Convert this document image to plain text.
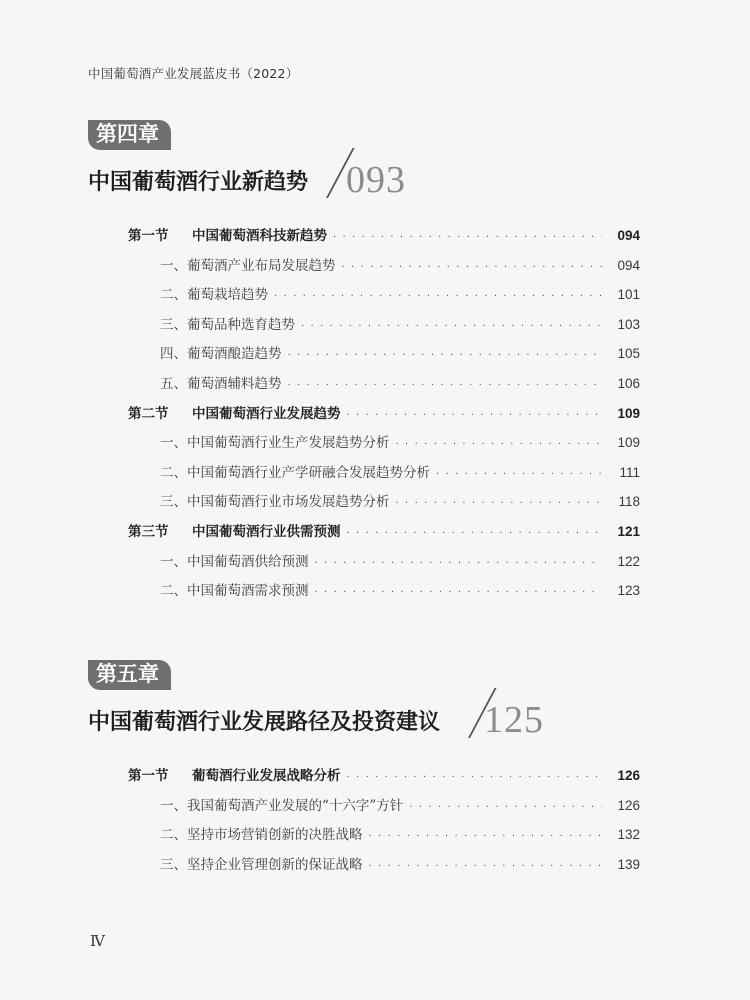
中国葡萄酒产业发展蓝皮书（2022）
第四章
中国葡萄酒行业新趋势 093
第一节	中国葡萄酒科技新趋势 · · ·	094
一、葡萄酒产业布局发展趋势 · · ·	094
二、葡萄栽培趋势 · · ·	101
三、葡萄品种选育趋势 · · ·	103
四、葡萄酒酿造趋势 · · ·	105
五、葡萄酒辅料趋势 · · ·	106
第二节	中国葡萄酒行业发展趋势 · · ·	109
一、中国葡萄酒行业生产发展趋势分析 · · ·	109
二、中国葡萄酒行业产学研融合发展趋势分析 · · ·	111
三、中国葡萄酒行业市场发展趋势分析 · · ·	118
第三节	中国葡萄酒行业供需预测 · · ·	121
一、中国葡萄酒供给预测 · · ·	122
二、中国葡萄酒需求预测 · · ·	123
第五章
中国葡萄酒行业发展路径及投资建议 125
第一节	葡萄酒行业发展战略分析 · · ·	126
一、我国葡萄酒产业发展的“十六字”方针 · · ·	126
二、坚持市场营销创新的决胜战略 · · ·	132
三、坚持企业管理创新的保证战略 · · ·	139
Ⅳ
